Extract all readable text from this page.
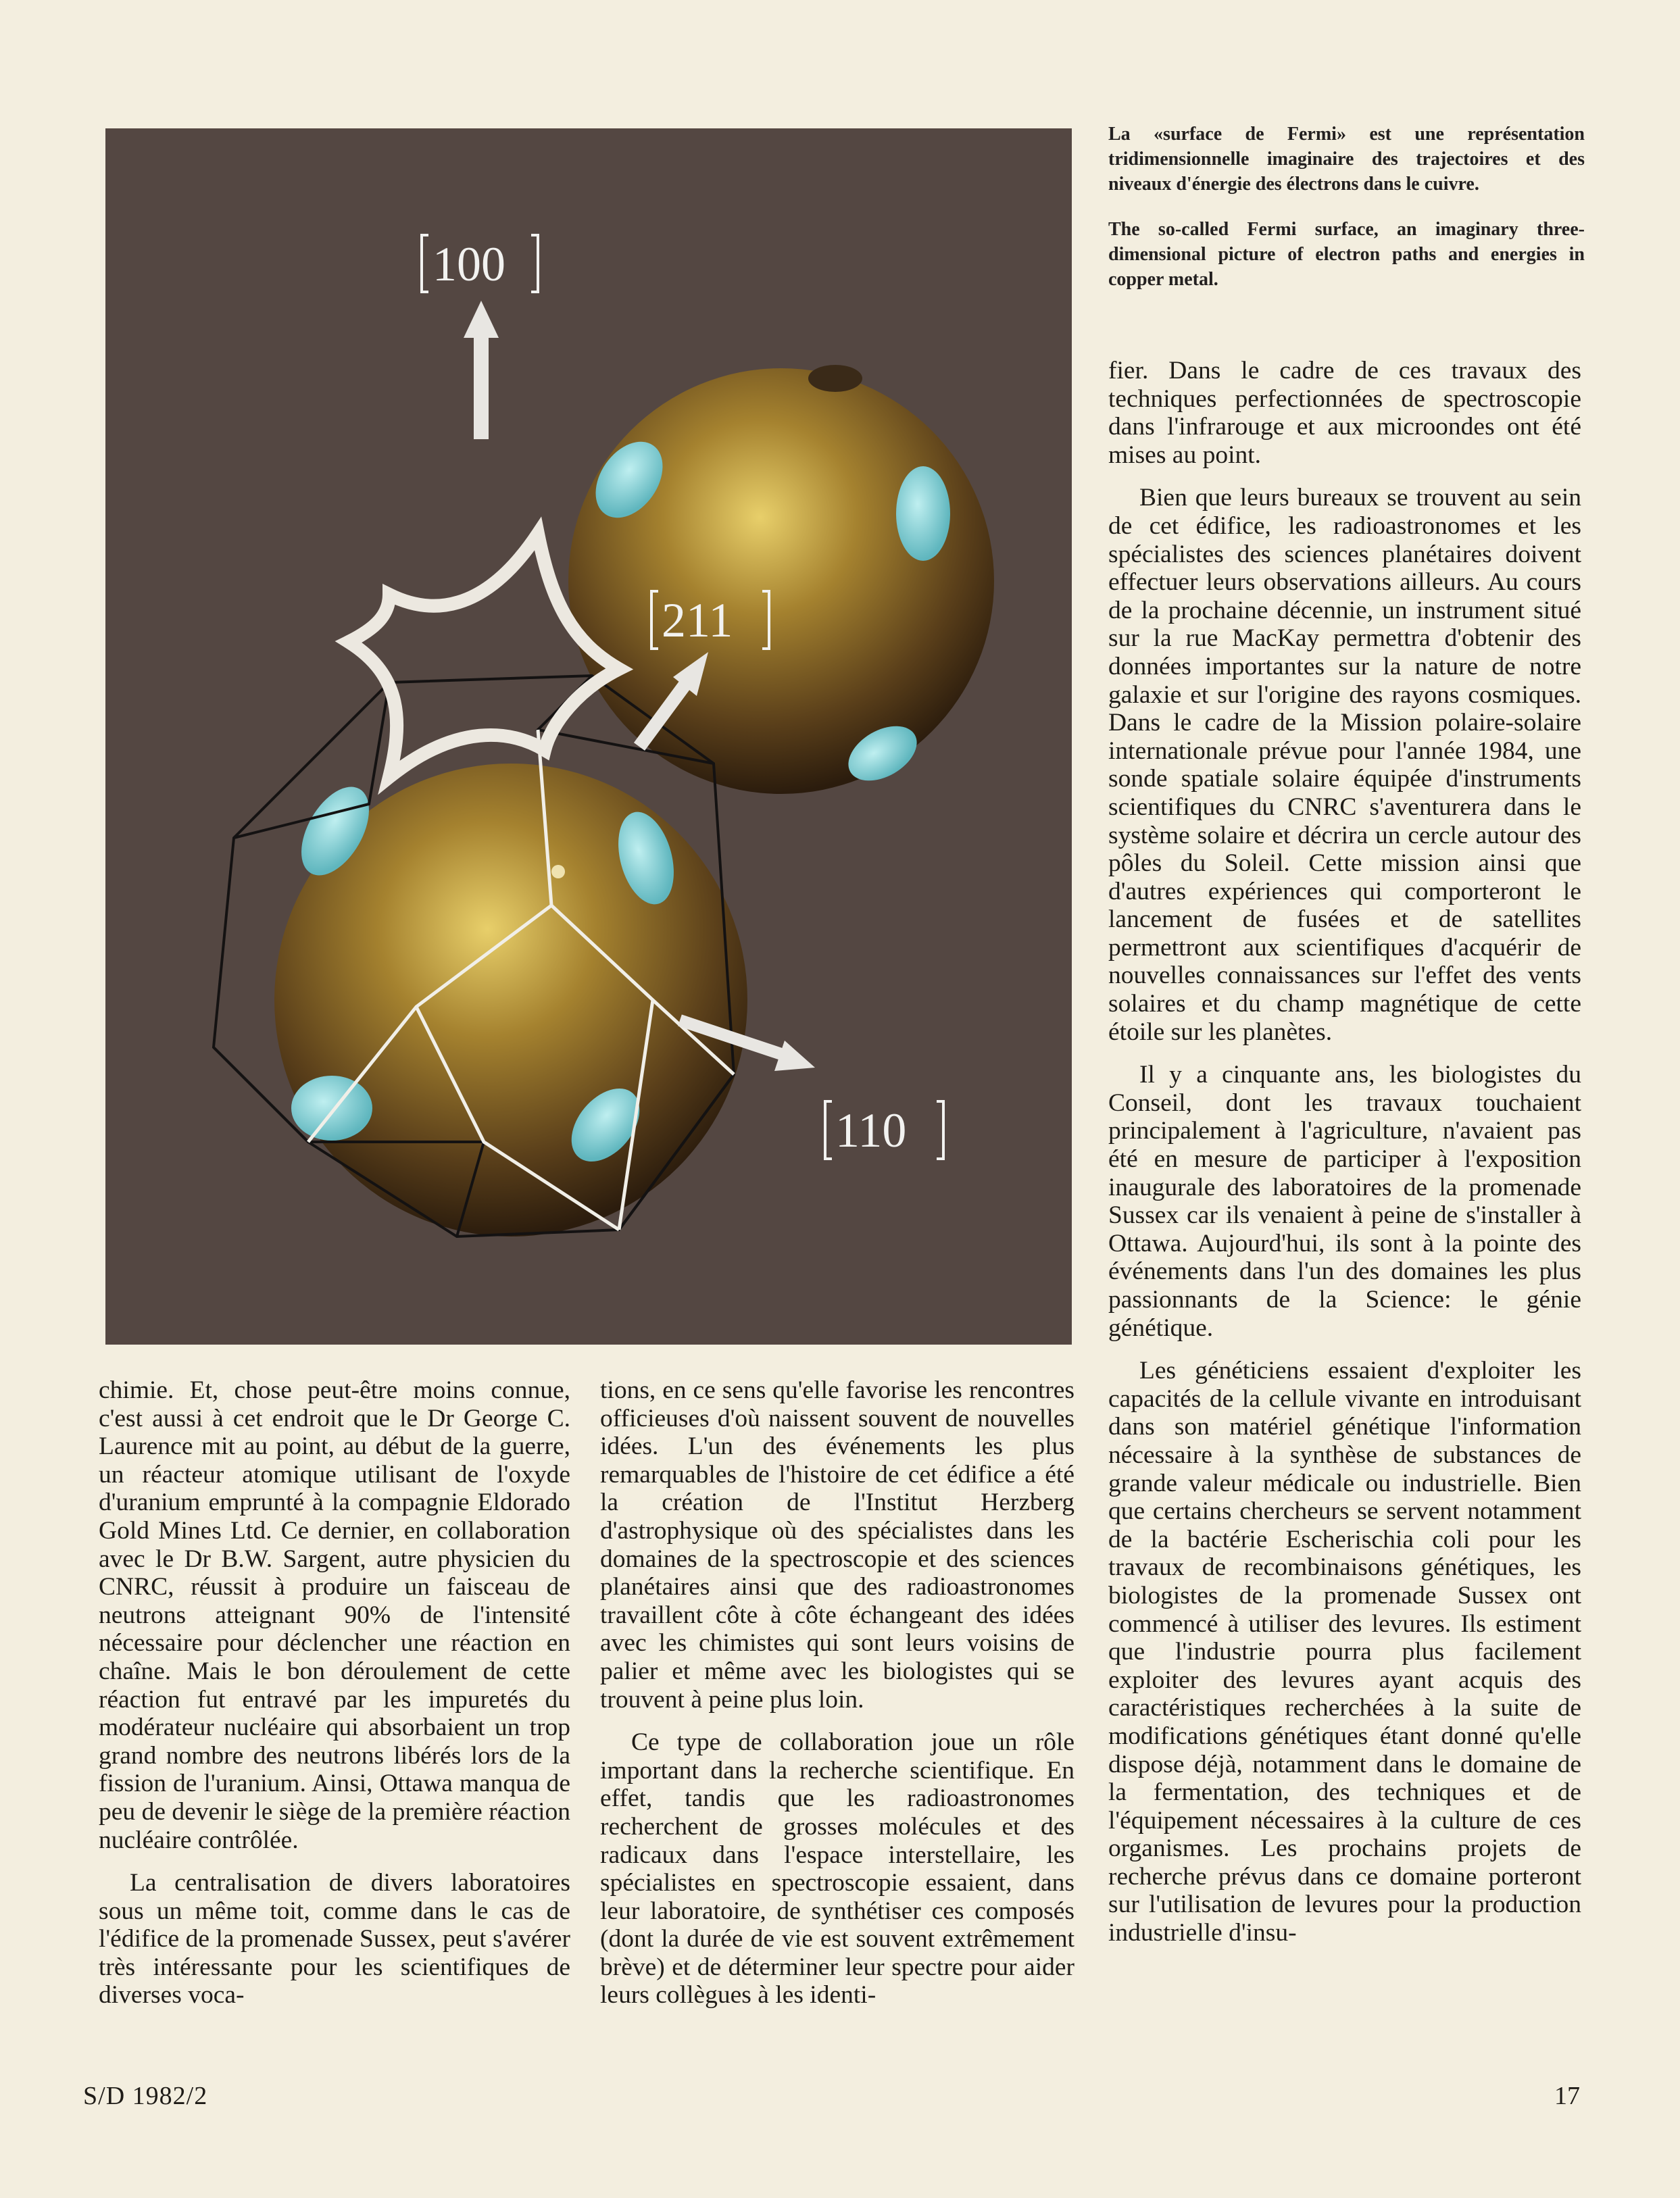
100
211
110

La «surface de Fermi» est une représentation tridimensionnelle imaginaire des trajectoires et des niveaux d'énergie des électrons dans le cuivre.

The so-called Fermi surface, an imaginary three-dimensional picture of electron paths and energies in copper metal.

chimie. Et, chose peut-être moins connue, c'est aussi à cet endroit que le Dr George C. Laurence mit au point, au début de la guerre, un réacteur atomique utilisant de l'oxyde d'uranium emprunté à la compagnie Eldorado Gold Mines Ltd. Ce dernier, en collaboration avec le Dr B.W. Sargent, autre physicien du CNRC, réussit à produire un faisceau de neutrons atteignant 90% de l'intensité nécessaire pour déclencher une réaction en chaîne. Mais le bon déroulement de cette réaction fut entravé par les impuretés du modérateur nucléaire qui absorbaient un trop grand nombre des neutrons libérés lors de la fission de l'uranium. Ainsi, Ottawa manqua de peu de devenir le siège de la première réaction nucléaire contrôlée.

La centralisation de divers laboratoires sous un même toit, comme dans le cas de l'édifice de la promenade Sussex, peut s'avérer très intéressante pour les scientifiques de diverses voca-

tions, en ce sens qu'elle favorise les rencontres officieuses d'où naissent souvent de nouvelles idées. L'un des événements les plus remarquables de l'histoire de cet édifice a été la création de l'Institut Herzberg d'astrophysique où des spécialistes dans les domaines de la spectroscopie et des sciences planétaires ainsi que des radioastronomes travaillent côte à côte échangeant des idées avec les chimistes qui sont leurs voisins de palier et même avec les biologistes qui se trouvent à peine plus loin.

Ce type de collaboration joue un rôle important dans la recherche scientifique. En effet, tandis que les radioastronomes recherchent de grosses molécules et des radicaux dans l'espace interstellaire, les spécialistes en spectroscopie essaient, dans leur laboratoire, de synthétiser ces composés (dont la durée de vie est souvent extrêmement brève) et de déterminer leur spectre pour aider leurs collègues à les identi-

fier. Dans le cadre de ces travaux des techniques perfectionnées de spectroscopie dans l'infrarouge et aux microondes ont été mises au point.

Bien que leurs bureaux se trouvent au sein de cet édifice, les radioastronomes et les spécialistes des sciences planétaires doivent effectuer leurs observations ailleurs. Au cours de la prochaine décennie, un instrument situé sur la rue MacKay permettra d'obtenir des données importantes sur la nature de notre galaxie et sur l'origine des rayons cosmiques. Dans le cadre de la Mission polaire-solaire internationale prévue pour l'année 1984, une sonde spatiale solaire équipée d'instruments scientifiques du CNRC s'aventurera dans le système solaire et décrira un cercle autour des pôles du Soleil. Cette mission ainsi que d'autres expériences qui comporteront le lancement de fusées et de satellites permettront aux scientifiques d'acquérir de nouvelles connaissances sur l'effet des vents solaires et du champ magnétique de cette étoile sur les planètes.

Il y a cinquante ans, les biologistes du Conseil, dont les travaux touchaient principalement à l'agriculture, n'avaient pas été en mesure de participer à l'exposition inaugurale des laboratoires de la promenade Sussex car ils venaient à peine de s'installer à Ottawa. Aujourd'hui, ils sont à la pointe des événements dans l'un des domaines les plus passionnants de la Science: le génie génétique.

Les généticiens essaient d'exploiter les capacités de la cellule vivante en introduisant dans son matériel génétique l'information nécessaire à la synthèse de substances de grande valeur médicale ou industrielle. Bien que certains chercheurs se servent notamment de la bactérie Escherischia coli pour les travaux de recombinaisons génétiques, les biologistes de la promenade Sussex ont commencé à utiliser des levures. Ils estiment que l'industrie pourra plus facilement exploiter des levures ayant acquis des caractéristiques recherchées à la suite de modifications génétiques étant donné qu'elle dispose déjà, notamment dans le domaine de la fermentation, des techniques et de l'équipement nécessaires à la culture de ces organismes. Les prochains projets de recherche prévus dans ce domaine porteront sur l'utilisation de levures pour la production industrielle d'insu-

S/D 1982/2	17
